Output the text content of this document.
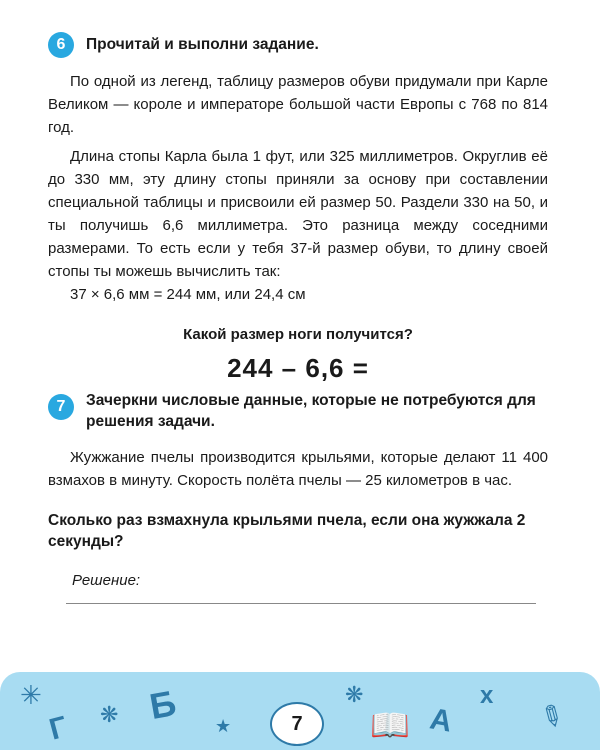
6	Прочитай и выполни задание.

По одной из легенд, таблицу размеров обуви придумали при Карле Великом — короле и императоре большой части Европы с 768 по 814 год.

Длина стопы Карла была 1 фут, или 325 миллиметров. Округлив её до 330 мм, эту длину стопы приняли за основу при составлении специальной таблицы и присвоили ей размер 50. Раздели 330 на 50, и ты получишь 6,6 миллиметра. Это разница между соседними размерами. То есть если у тебя 37-й размер обуви, то длину своей стопы ты можешь вычислить так:

37 × 6,6 мм = 244 мм, или 24,4 см

Какой размер ноги получится?
244 – 6,6 =
7	Зачеркни числовые данные, которые не потребуются для решения задачи.

Жужжание пчелы производится крыльями, которые делают 11 400 взмахов в минуту. Скорость полёта пчелы — 25 километров в час.

Сколько раз взмахнула крыльями пчела, если она жужжала 2 секунды?
Решение:
✳
Г ❋ Б ★	7
❋
📖 А
х
✎
